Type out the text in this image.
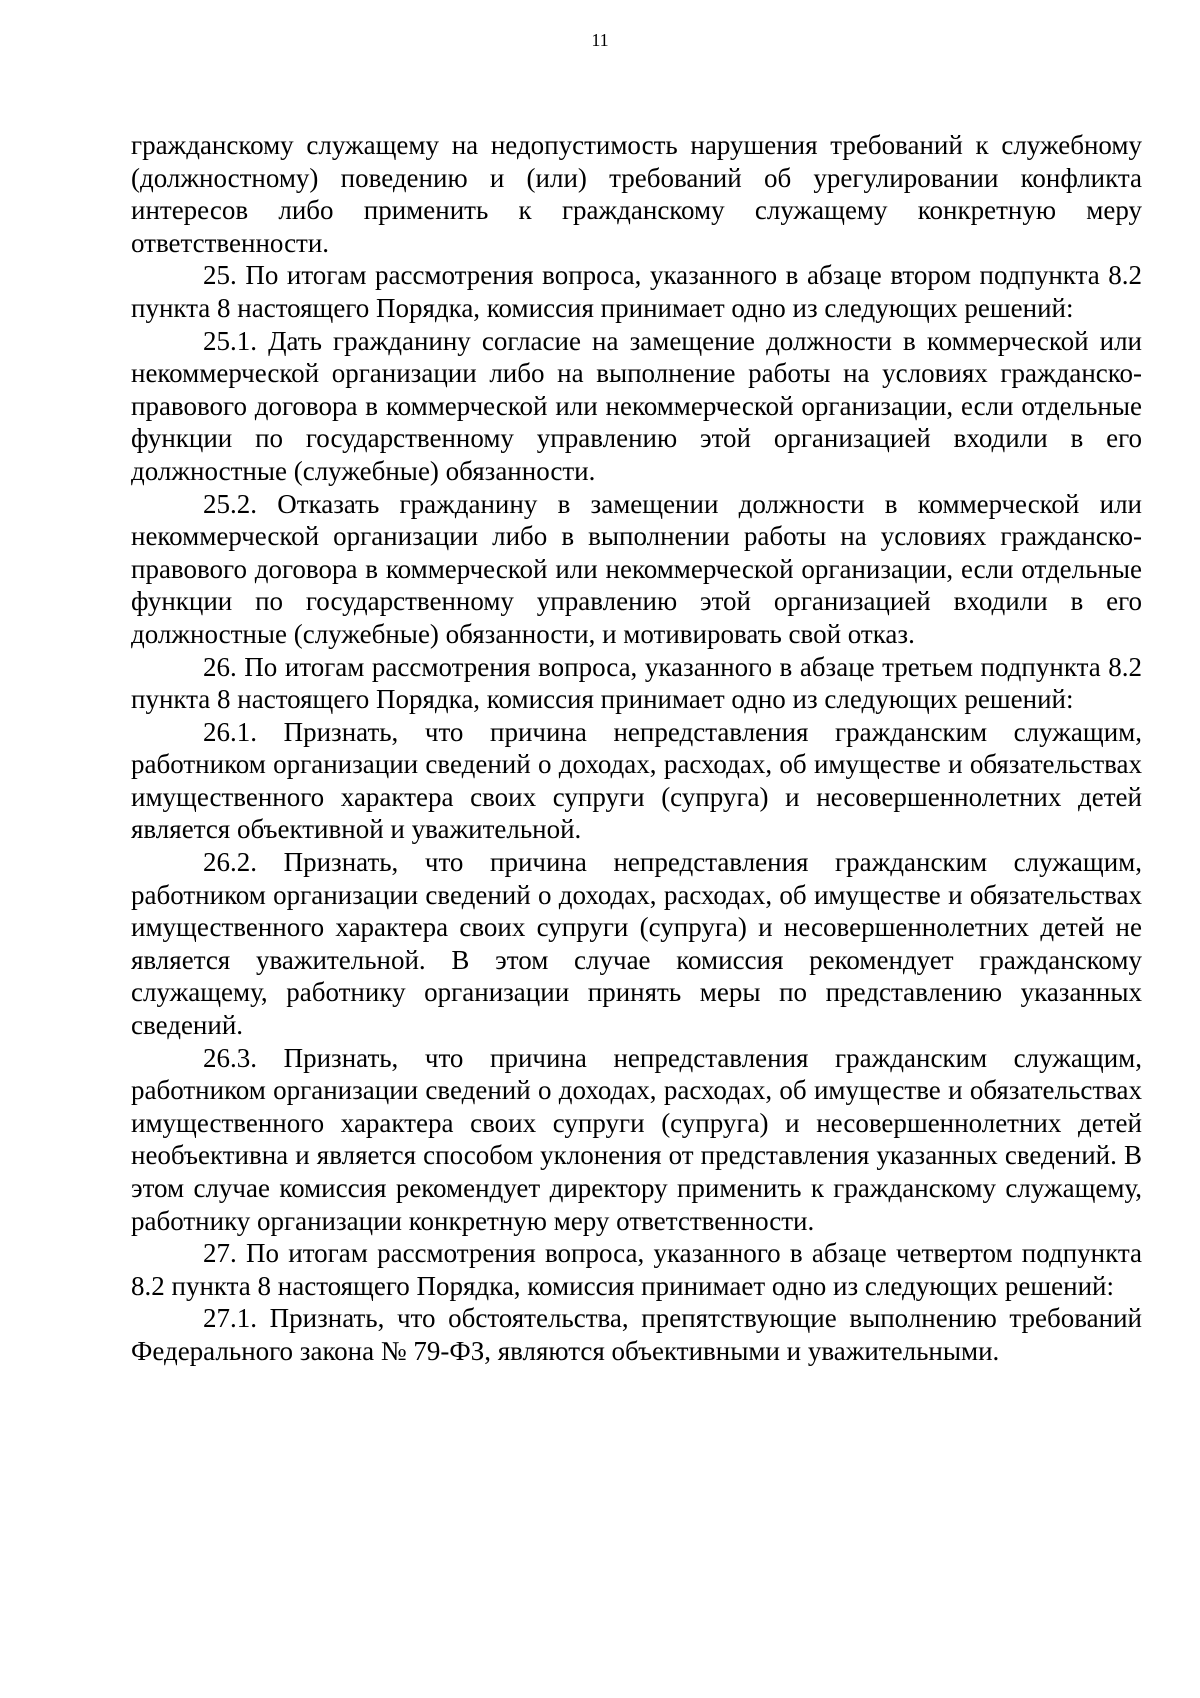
11

гражданскому служащему на недопустимость нарушения требований к служебному (должностному) поведению и (или) требований об урегулировании конфликта интересов либо применить к гражданскому служащему конкретную меру ответственности.

25. По итогам рассмотрения вопроса, указанного в абзаце втором подпункта 8.2 пункта 8 настоящего Порядка, комиссия принимает одно из следующих решений:

25.1. Дать гражданину согласие на замещение должности в коммерческой или некоммерческой организации либо на выполнение работы на условиях гражданско-правового договора в коммерческой или некоммерческой организации, если отдельные функции по государственному управлению этой организацией входили в его должностные (служебные) обязанности.

25.2. Отказать гражданину в замещении должности в коммерческой или некоммерческой организации либо в выполнении работы на условиях гражданско-правового договора в коммерческой или некоммерческой организации, если отдельные функции по государственному управлению этой организацией входили в его должностные (служебные) обязанности, и мотивировать свой отказ.

26. По итогам рассмотрения вопроса, указанного в абзаце третьем подпункта 8.2 пункта 8 настоящего Порядка, комиссия принимает одно из следующих решений:

26.1. Признать, что причина непредставления гражданским служащим, работником организации сведений о доходах, расходах, об имуществе и обязательствах имущественного характера своих супруги (супруга) и несовершеннолетних детей является объективной и уважительной.

26.2. Признать, что причина непредставления гражданским служащим, работником организации сведений о доходах, расходах, об имуществе и обязательствах имущественного характера своих супруги (супруга) и несовершеннолетних детей не является уважительной. В этом случае комиссия рекомендует гражданскому служащему, работнику организации принять меры по представлению указанных сведений.

26.3. Признать, что причина непредставления гражданским служащим, работником организации сведений о доходах, расходах, об имуществе и обязательствах имущественного характера своих супруги (супруга) и несовершеннолетних детей необъективна и является способом уклонения от представления указанных сведений. В этом случае комиссия рекомендует директору применить к гражданскому служащему, работнику организации конкретную меру ответственности.

27. По итогам рассмотрения вопроса, указанного в абзаце четвертом подпункта 8.2 пункта 8 настоящего Порядка, комиссия принимает одно из следующих решений:

27.1. Признать, что обстоятельства, препятствующие выполнению требований Федерального закона № 79-ФЗ, являются объективными и уважительными.
